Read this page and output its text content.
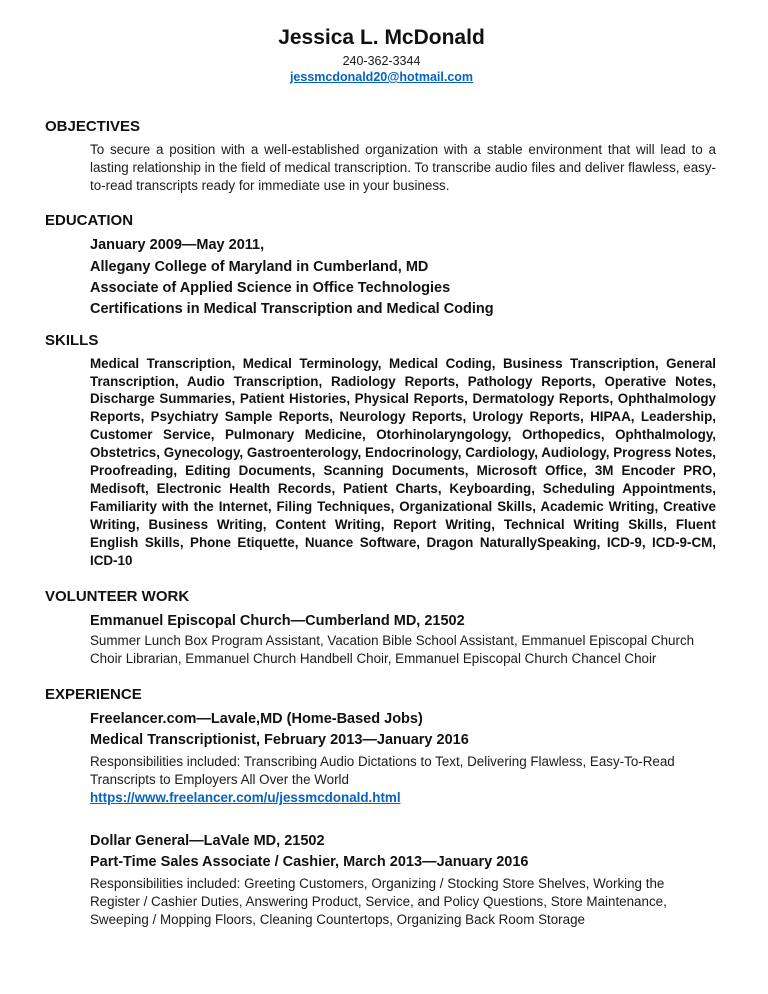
Jessica L. McDonald
240-362-3344
jessmcdonald20@hotmail.com
OBJECTIVES

To secure a position with a well-established organization with a stable environment that will lead to a lasting relationship in the field of medical transcription. To transcribe audio files and deliver flawless, easy-to-read transcripts ready for immediate use in your business.

EDUCATION
January 2009—May 2011,
Allegany College of Maryland in Cumberland, MD
Associate of Applied Science in Office Technologies
Certifications in Medical Transcription and Medical Coding
SKILLS

Medical Transcription, Medical Terminology, Medical Coding, Business Transcription, General Transcription, Audio Transcription, Radiology Reports, Pathology Reports, Operative Notes, Discharge Summaries, Patient Histories, Physical Reports, Dermatology Reports, Ophthalmology Reports, Psychiatry Sample Reports, Neurology Reports, Urology Reports, HIPAA, Leadership, Customer Service, Pulmonary Medicine, Otorhinolaryngology, Orthopedics, Ophthalmology, Obstetrics, Gynecology, Gastroenterology, Endocrinology, Cardiology, Audiology, Progress Notes, Proofreading, Editing Documents, Scanning Documents, Microsoft Office, 3M Encoder PRO, Medisoft, Electronic Health Records, Patient Charts, Keyboarding, Scheduling Appointments, Familiarity with the Internet, Filing Techniques, Organizational Skills, Academic Writing, Creative Writing, Business Writing, Content Writing, Report Writing, Technical Writing Skills, Fluent English Skills, Phone Etiquette, Nuance Software, Dragon NaturallySpeaking, ICD-9, ICD-9-CM, ICD-10

VOLUNTEER WORK
Emmanuel Episcopal Church—Cumberland MD, 21502

Summer Lunch Box Program Assistant, Vacation Bible School Assistant, Emmanuel Episcopal Church Choir Librarian, Emmanuel Church Handbell Choir, Emmanuel Episcopal Church Chancel Choir

EXPERIENCE
Freelancer.com—Lavale,MD (Home-Based Jobs)
Medical Transcriptionist, February 2013—January 2016

Responsibilities included: Transcribing Audio Dictations to Text, Delivering Flawless, Easy-To-Read Transcripts to Employers All Over the World

https://www.freelancer.com/u/jessmcdonald.html
Dollar General—LaVale MD, 21502
Part-Time Sales Associate / Cashier, March 2013—January 2016

Responsibilities included: Greeting Customers, Organizing / Stocking Store Shelves, Working the Register / Cashier Duties, Answering Product, Service, and Policy Questions, Store Maintenance, Sweeping / Mopping Floors, Cleaning Countertops, Organizing Back Room Storage
